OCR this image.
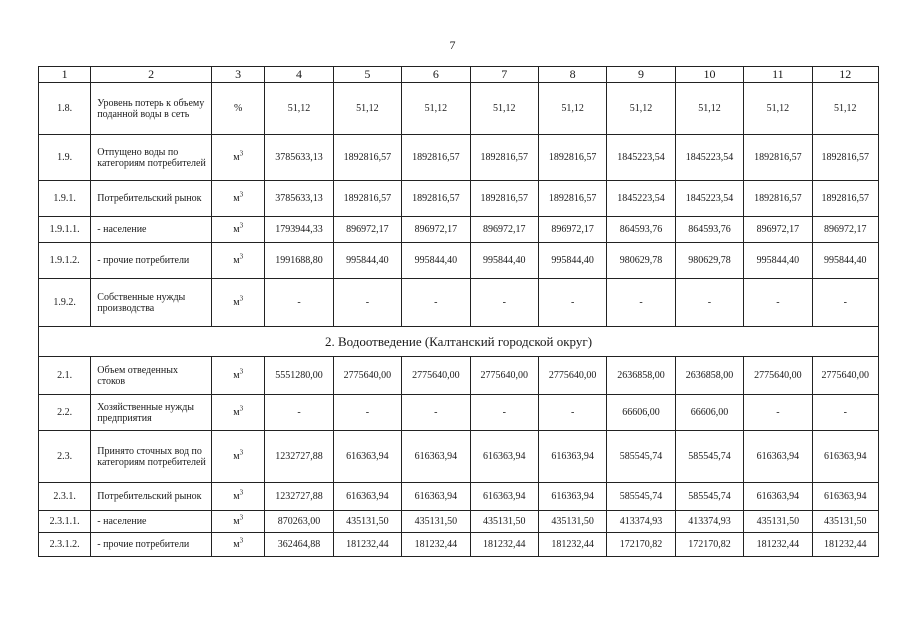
7
1	2	3	4	5	6	7	8	9	10	11	12
1.8.	Уровень потерь к объему поданной воды в сеть	%	51,12	51,12	51,12	51,12	51,12	51,12	51,12	51,12	51,12
1.9.	Отпущено воды по категориям потребителей	$м^3$	3785633,13	1892816,57	1892816,57	1892816,57	1892816,57	1845223,54	1845223,54	1892816,57	1892816,57
1.9.1.	Потребительский рынок	$м^3$	3785633,13	1892816,57	1892816,57	1892816,57	1892816,57	1845223,54	1845223,54	1892816,57	1892816,57
1.9.1.1.	- население	$м^3$	1793944,33	896972,17	896972,17	896972,17	896972,17	864593,76	864593,76	896972,17	896972,17
1.9.1.2.	- прочие потребители	$м^3$	1991688,80	995844,40	995844,40	995844,40	995844,40	980629,78	980629,78	995844,40	995844,40
1.9.2.	Собственные нужды производства	$м^3$	-	-	-	-	-	-	-	-	-
2. Водоотведение (Калтанский городской округ)											
2.1.	Объем отведенных стоков	$м^3$	5551280,00	2775640,00	2775640,00	2775640,00	2775640,00	2636858,00	2636858,00	2775640,00	2775640,00
2.2.	Хозяйственные нужды предприятия	$м^3$	-	-	-	-	-	66606,00	66606,00	-	-
2.3.	Принято сточных вод по категориям потребителей	$м^3$	1232727,88	616363,94	616363,94	616363,94	616363,94	585545,74	585545,74	616363,94	616363,94
2.3.1.	Потребительский рынок	$м^3$	1232727,88	616363,94	616363,94	616363,94	616363,94	585545,74	585545,74	616363,94	616363,94
2.3.1.1.	- население	$м^3$	870263,00	435131,50	435131,50	435131,50	435131,50	413374,93	413374,93	435131,50	435131,50
2.3.1.2.	- прочие потребители	$м^3$	362464,88	181232,44	181232,44	181232,44	181232,44	172170,82	172170,82	181232,44	181232,44
